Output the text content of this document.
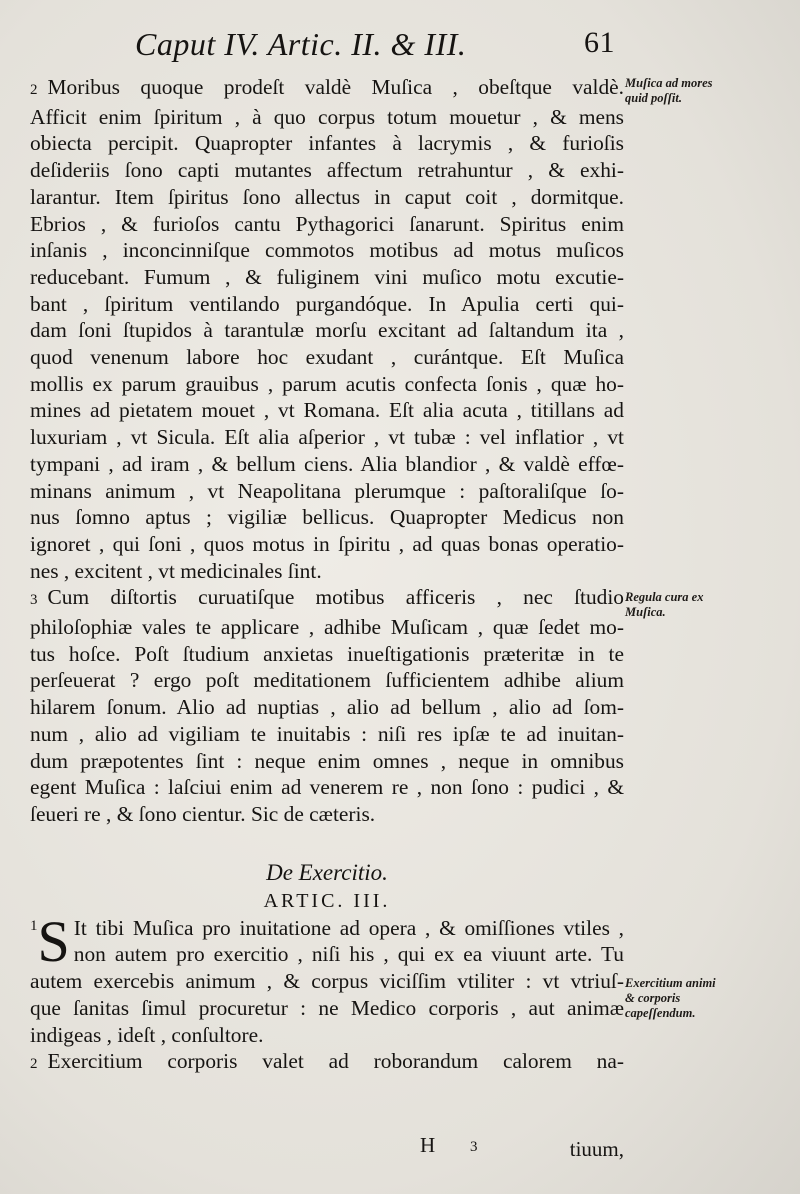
Caput IV. Artic. II. & III.	61

2 Moribus quoque prodeſt valdè Muſica , obeſtque valdè.

Afficit enim ſpiritum , à quo corpus totum mouetur , & mens

obiecta percipit. Quapropter infantes à lacrymis , & furioſis

deſideriis ſono capti mutantes affectum retrahuntur , & exhi-

larantur. Item ſpiritus ſono allectus in caput coit , dormitque.

Ebrios , & furioſos cantu Pythagorici ſanarunt. Spiritus enim

inſanis , inconcinniſque commotos motibus ad motus muſicos

reducebant. Fumum , & fuliginem vini muſico motu excutie-

bant , ſpiritum ventilando purgandóque. In Apulia certi qui-

dam ſoni ſtupidos à tarantulæ morſu excitant ad ſaltandum ita ,

quod venenum labore hoc exudant , curántque. Eſt Muſica

mollis ex parum grauibus , parum acutis confecta ſonis , quæ ho-

mines ad pietatem mouet , vt Romana. Eſt alia acuta , titillans ad

luxuriam , vt Sicula. Eſt alia aſperior , vt tubæ : vel inflatior , vt

tympani , ad iram , & bellum ciens. Alia blandior , & valdè effœ-

minans animum , vt Neapolitana plerumque : paſtoraliſque ſo-

nus ſomno aptus ; vigiliæ bellicus. Quapropter Medicus non

ignoret , qui ſoni , quos motus in ſpiritu , ad quas bonas operatio-

nes , excitent , vt medicinales ſint.

3 Cum diſtortis curuatiſque motibus afficeris , nec ſtudio

philoſophiæ vales te applicare , adhibe Muſicam , quæ ſedet mo-

tus hoſce. Poſt ſtudium anxietas inueſtigationis præteritæ in te

perſeuerat ? ergo poſt meditationem ſufficientem adhibe alium

hilarem ſonum. Alio ad nuptias , alio ad bellum , alio ad ſom-

num , alio ad vigiliam te inuitabis : niſi res ipſæ te ad inuitan-

dum præpotentes ſint : neque enim omnes , neque in omnibus

egent Muſica : laſciui enim ad venerem re , non ſono : pudici , &

ſeueri re , & ſono cientur. Sic de cæteris.

De Exercitio.

ARTIC. III.

1 S It tibi Muſica pro inuitatione ad opera , & omiſſiones vtiles ,

non autem pro exercitio , niſi his , qui ex ea viuunt arte. Tu

autem exercebis animum , & corpus viciſſim vtiliter : vt vtriuſ-

que ſanitas ſimul procuretur : ne Medico corporis , aut animæ

indigeas , ideſt , conſultore.

2 Exercitium corporis valet ad roborandum calorem na-

Muſica ad mores quid poſſit.
Regula cura ex Muſica.
Exercitium animi & corporis capeſſendum.
H 3	tiuum,
